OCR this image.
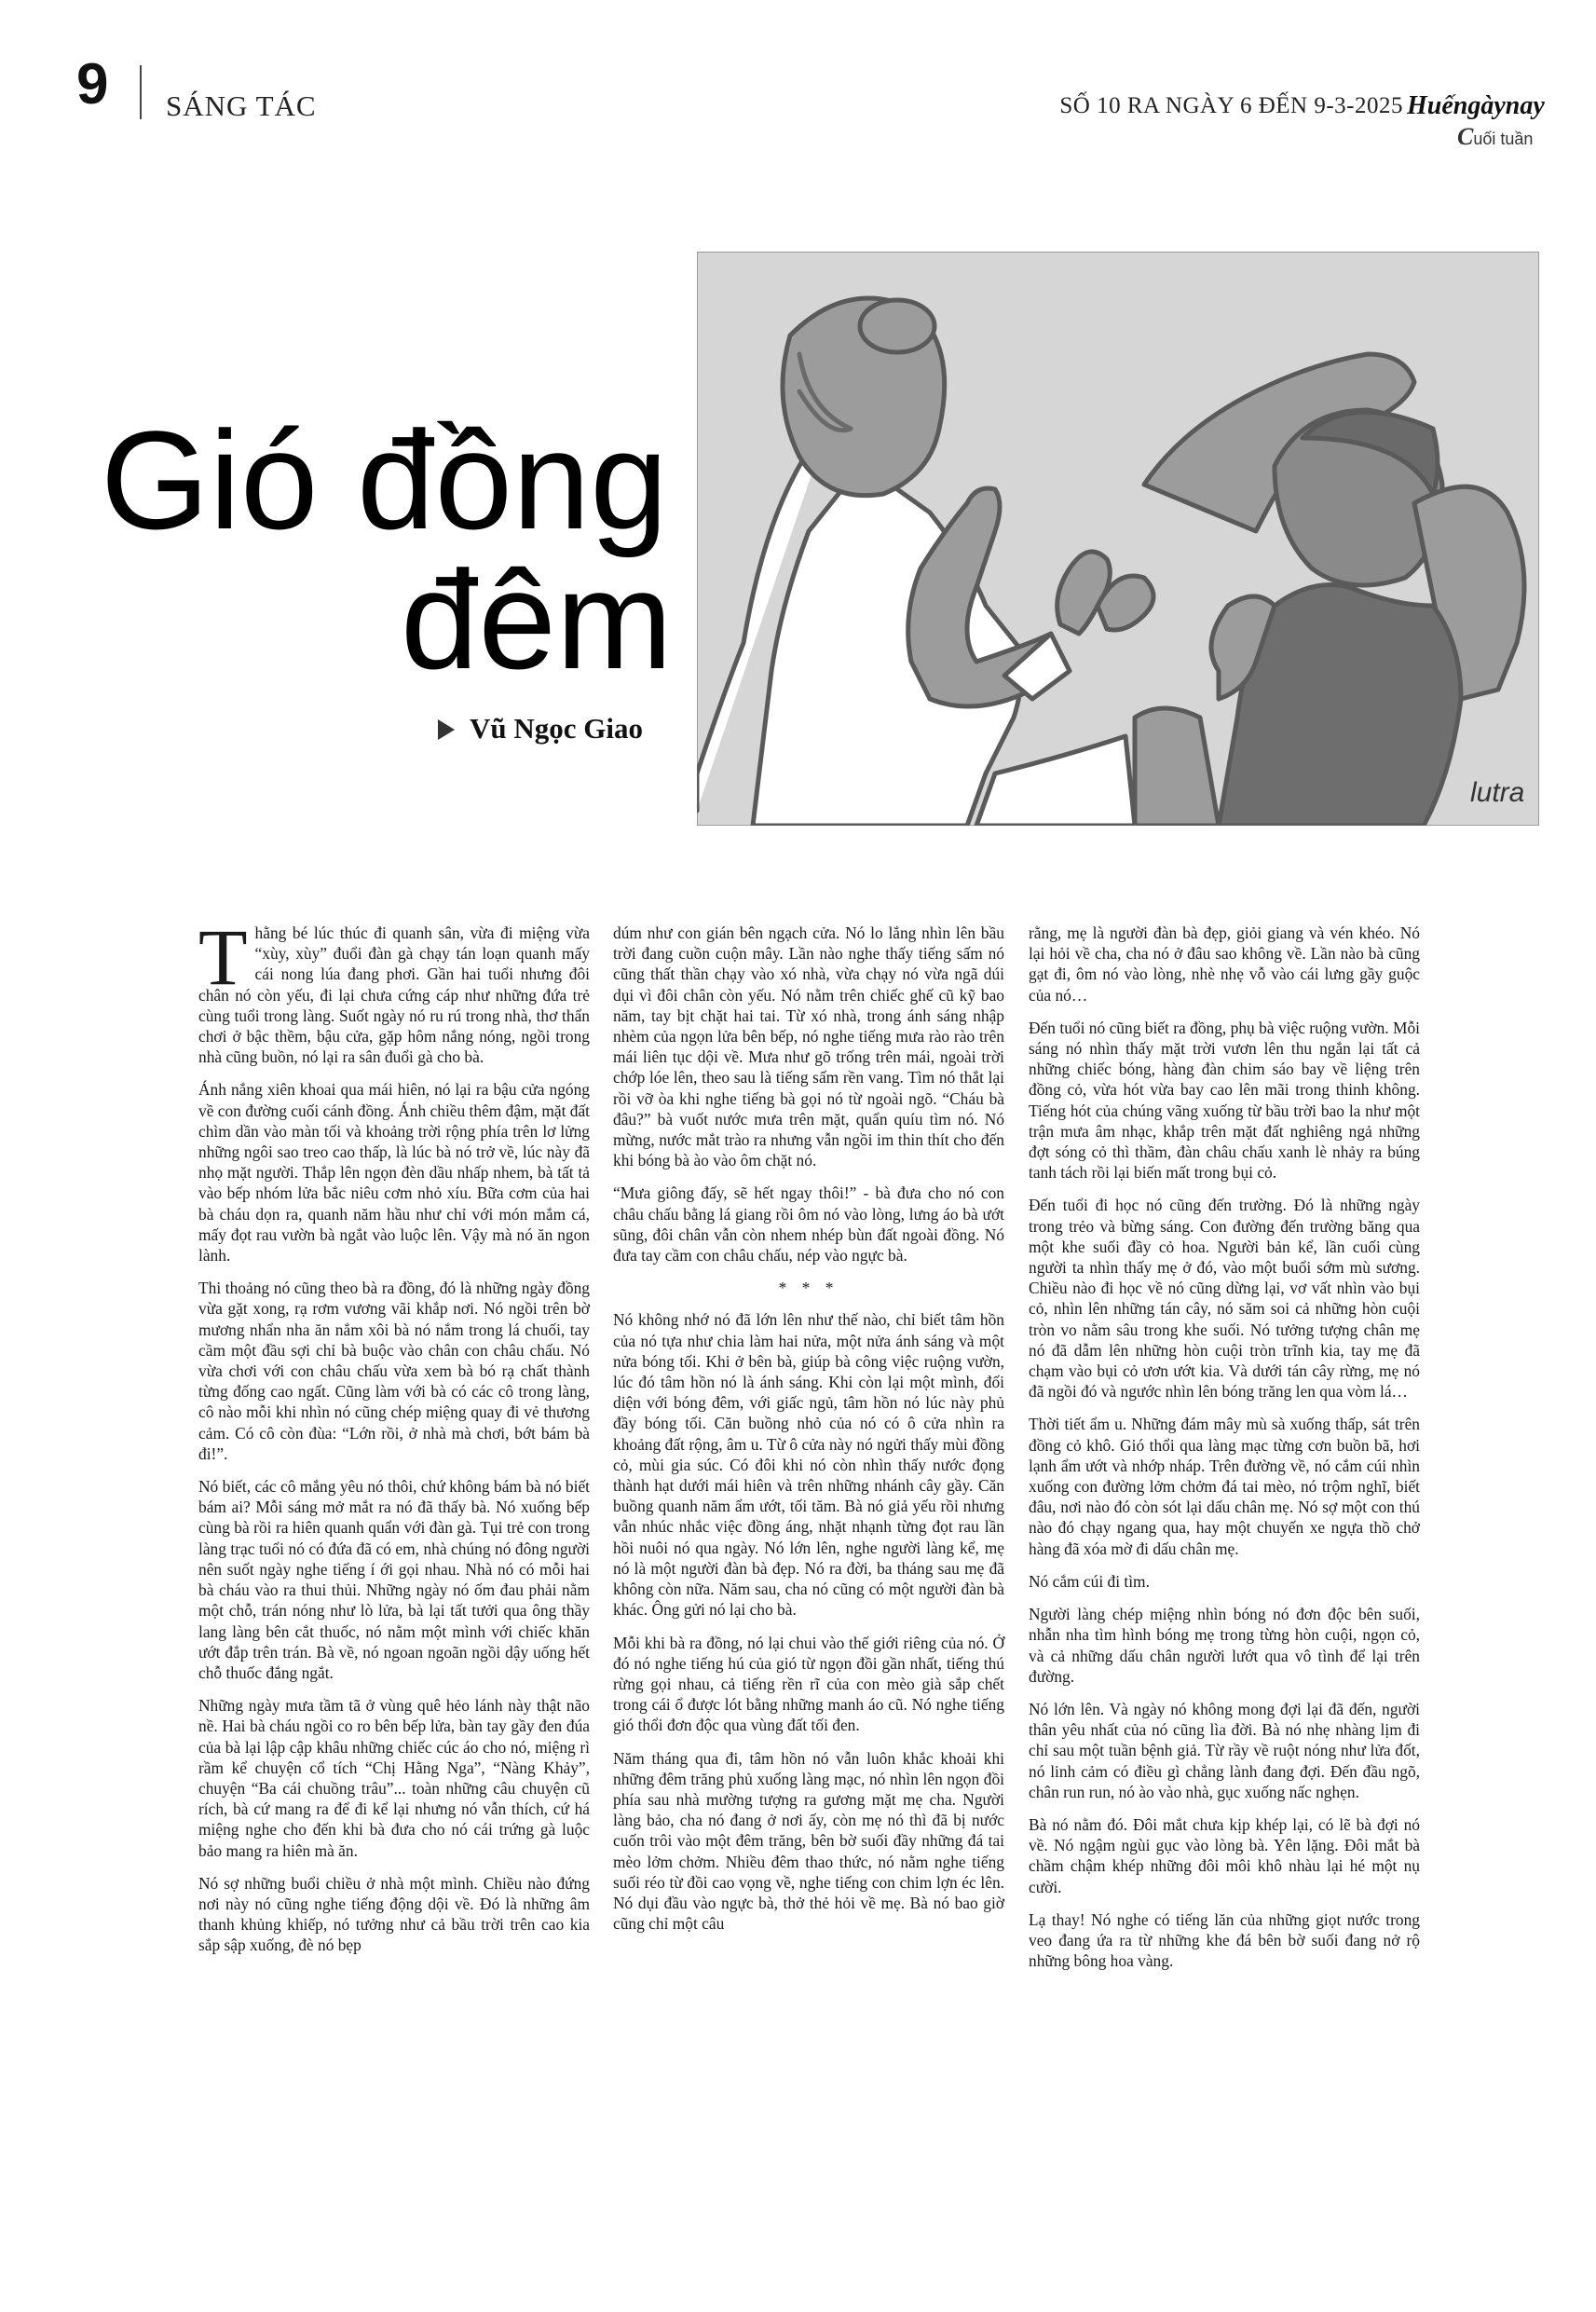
9 SÁNG TÁC	SỐ 10 RA NGÀY 6 ĐẾN 9-3-2025 Huếngàynay
Cuối tuần
Gió đồng
đêm
Vũ Ngọc Giao
lutra

Thằng bé lúc thúc đi quanh sân, vừa đi miệng vừa “xùy, xùy” đuổi đàn gà chạy tán loạn quanh mấy cái nong lúa đang phơi. Gần hai tuổi nhưng đôi chân nó còn yếu, đi lại chưa cứng cáp như những đứa trẻ cùng tuổi trong làng. Suốt ngày nó ru rú trong nhà, thơ thẩn chơi ở bậc thềm, bậu cửa, gặp hôm nắng nóng, ngồi trong nhà cũng buồn, nó lại ra sân đuổi gà cho bà.

Ánh nắng xiên khoai qua mái hiên, nó lại ra bậu cửa ngóng về con đường cuối cánh đồng. Ánh chiều thêm đậm, mặt đất chìm dần vào màn tối và khoảng trời rộng phía trên lơ lửng những ngôi sao treo cao thấp, là lúc bà nó trở về, lúc này đã nhọ mặt người. Thắp lên ngọn đèn dầu nhấp nhem, bà tất tả vào bếp nhóm lửa bắc niêu cơm nhỏ xíu. Bữa cơm của hai bà cháu dọn ra, quanh năm hầu như chỉ với món mắm cá, mấy đọt rau vườn bà ngắt vào luộc lên. Vậy mà nó ăn ngon lành.

Thi thoảng nó cũng theo bà ra đồng, đó là những ngày đồng vừa gặt xong, rạ rơm vương vãi khắp nơi. Nó ngồi trên bờ mương nhẩn nha ăn nắm xôi bà nó nắm trong lá chuối, tay cầm một đầu sợi chỉ bà buộc vào chân con châu chấu. Nó vừa chơi với con châu chấu vừa xem bà bó rạ chất thành từng đống cao ngất. Cũng làm với bà có các cô trong làng, cô nào mỗi khi nhìn nó cũng chép miệng quay đi vẻ thương cảm. Có cô còn đùa: “Lớn rồi, ở nhà mà chơi, bớt bám bà đi!”.

Nó biết, các cô mắng yêu nó thôi, chứ không bám bà nó biết bám ai? Mỗi sáng mở mắt ra nó đã thấy bà. Nó xuống bếp cùng bà rồi ra hiên quanh quẩn với đàn gà. Tụi trẻ con trong làng trạc tuổi nó có đứa đã có em, nhà chúng nó đông người nên suốt ngày nghe tiếng í ới gọi nhau. Nhà nó có mỗi hai bà cháu vào ra thui thủi. Những ngày nó ốm đau phải nằm một chỗ, trán nóng như lò lửa, bà lại tất tưởi qua ông thầy lang làng bên cắt thuốc, nó nằm một mình với chiếc khăn ướt đắp trên trán. Bà về, nó ngoan ngoãn ngồi dậy uống hết chỗ thuốc đắng ngắt.

Những ngày mưa tầm tã ở vùng quê hẻo lánh này thật não nề. Hai bà cháu ngồi co ro bên bếp lửa, bàn tay gầy đen đúa của bà lại lập cập khâu những chiếc cúc áo cho nó, miệng rì rầm kể chuyện cổ tích “Chị Hằng Nga”, “Nàng Khảy”, chuyện “Ba cái chuồng trâu”... toàn những câu chuyện cũ rích, bà cứ mang ra để đi kể lại nhưng nó vẫn thích, cứ há miệng nghe cho đến khi bà đưa cho nó cái trứng gà luộc bảo mang ra hiên mà ăn.

Nó sợ những buổi chiều ở nhà một mình. Chiều nào đứng nơi này nó cũng nghe tiếng động dội về. Đó là những âm thanh khủng khiếp, nó tưởng như cả bầu trời trên cao kia sắp sập xuống, đè nó bẹp

dúm như con gián bên ngạch cửa. Nó lo lắng nhìn lên bầu trời đang cuồn cuộn mây. Lần nào nghe thấy tiếng sấm nó cũng thất thần chạy vào xó nhà, vừa chạy nó vừa ngã dúi dụi vì đôi chân còn yếu. Nó nằm trên chiếc ghế cũ kỹ bao năm, tay bịt chặt hai tai. Từ xó nhà, trong ánh sáng nhập nhèm của ngọn lửa bên bếp, nó nghe tiếng mưa rào rào trên mái liên tục dội về. Mưa như gõ trống trên mái, ngoài trời chớp lóe lên, theo sau là tiếng sấm rền vang. Tìm nó thắt lại rồi vỡ òa khi nghe tiếng bà gọi nó từ ngoài ngõ. “Cháu bà đâu?” bà vuốt nước mưa trên mặt, quẩn quíu tìm nó. Nó mừng, nước mắt trào ra nhưng vẫn ngồi im thin thít cho đến khi bóng bà ào vào ôm chặt nó.

“Mưa giông đấy, sẽ hết ngay thôi!” - bà đưa cho nó con châu chấu bằng lá giang rồi ôm nó vào lòng, lưng áo bà ướt sũng, đôi chân vẫn còn nhem nhép bùn đất ngoài đồng. Nó đưa tay cầm con châu chấu, nép vào ngực bà.

* * *

Nó không nhớ nó đã lớn lên như thế nào, chỉ biết tâm hồn của nó tựa như chia làm hai nửa, một nửa ánh sáng và một nửa bóng tối. Khi ở bên bà, giúp bà công việc ruộng vườn, lúc đó tâm hồn nó là ánh sáng. Khi còn lại một mình, đối diện với bóng đêm, với giấc ngủ, tâm hồn nó lúc này phủ đầy bóng tối. Căn buồng nhỏ của nó có ô cửa nhìn ra khoảng đất rộng, âm u. Từ ô cửa này nó ngửi thấy mùi đồng cỏ, mùi gia súc. Có đôi khi nó còn nhìn thấy nước đọng thành hạt dưới mái hiên và trên những nhánh cây gầy. Căn buồng quanh năm ẩm ướt, tối tăm. Bà nó giả yếu rồi nhưng vẫn nhúc nhắc việc đồng áng, nhặt nhạnh từng đọt rau lần hồi nuôi nó qua ngày. Nó lớn lên, nghe người làng kể, mẹ nó là một người đàn bà đẹp. Nó ra đời, ba tháng sau mẹ đã không còn nữa. Năm sau, cha nó cũng có một người đàn bà khác. Ông gửi nó lại cho bà.

Mỗi khi bà ra đồng, nó lại chui vào thế giới riêng của nó. Ở đó nó nghe tiếng hú của gió từ ngọn đồi gần nhất, tiếng thú rừng gọi nhau, cả tiếng rền rĩ của con mèo già sắp chết trong cái ổ được lót bằng những manh áo cũ. Nó nghe tiếng gió thổi đơn độc qua vùng đất tối đen.

Năm tháng qua đi, tâm hồn nó vẫn luôn khắc khoải khi những đêm trăng phủ xuống làng mạc, nó nhìn lên ngọn đồi phía sau nhà mường tượng ra gương mặt mẹ cha. Người làng bảo, cha nó đang ở nơi ấy, còn mẹ nó thì đã bị nước cuốn trôi vào một đêm trăng, bên bờ suối đầy những đá tai mèo lởm chởm. Nhiều đêm thao thức, nó nằm nghe tiếng suối réo từ đồi cao vọng về, nghe tiếng con chim lợn éc lên. Nó dụi đầu vào ngực bà, thở thẻ hỏi về mẹ. Bà nó bao giờ cũng chỉ một câu

rằng, mẹ là người đàn bà đẹp, giỏi giang và vén khéo. Nó lại hỏi về cha, cha nó ở đâu sao không về. Lần nào bà cũng gạt đi, ôm nó vào lòng, nhè nhẹ vỗ vào cái lưng gầy guộc của nó…

Đến tuổi nó cũng biết ra đồng, phụ bà việc ruộng vườn. Mỗi sáng nó nhìn thấy mặt trời vươn lên thu ngắn lại tất cả những chiếc bóng, hàng đàn chim sáo bay về liệng trên đồng cỏ, vừa hót vừa bay cao lên mãi trong thinh không. Tiếng hót của chúng vãng xuống từ bầu trời bao la như một trận mưa âm nhạc, khắp trên mặt đất nghiêng ngả những đợt sóng cỏ thì thầm, đàn châu chấu xanh lè nhảy ra búng tanh tách rồi lại biến mất trong bụi cỏ.

Đến tuổi đi học nó cũng đến trường. Đó là những ngày trong trẻo và bừng sáng. Con đường đến trường băng qua một khe suối đầy cỏ hoa. Người bản kể, lần cuối cùng người ta nhìn thấy mẹ ở đó, vào một buổi sớm mù sương. Chiều nào đi học về nó cũng dừng lại, vơ vất nhìn vào bụi cỏ, nhìn lên những tán cây, nó săm soi cả những hòn cuội tròn vo nằm sâu trong khe suối. Nó tưởng tượng chân mẹ nó đã dẫm lên những hòn cuội tròn trĩnh kia, tay mẹ đã chạm vào bụi cỏ ươn ướt kia. Và dưới tán cây rừng, mẹ nó đã ngồi đó và ngước nhìn lên bóng trăng len qua vòm lá…

Thời tiết ẩm u. Những đám mây mù sà xuống thấp, sát trên đồng cỏ khô. Gió thổi qua làng mạc từng cơn buồn bã, hơi lạnh ẩm ướt và nhớp nháp. Trên đường về, nó cắm cúi nhìn xuống con đường lởm chởm đá tai mèo, nó trộm nghĩ, biết đâu, nơi nào đó còn sót lại dấu chân mẹ. Nó sợ một con thú nào đó chạy ngang qua, hay một chuyến xe ngựa thồ chở hàng đã xóa mờ đi dấu chân mẹ.

Nó cắm cúi đi tìm.

Người làng chép miệng nhìn bóng nó đơn độc bên suối, nhẫn nha tìm hình bóng mẹ trong từng hòn cuội, ngọn cỏ, và cả những dấu chân người lướt qua vô tình để lại trên đường.

Nó lớn lên. Và ngày nó không mong đợi lại đã đến, người thân yêu nhất của nó cũng lìa đời. Bà nó nhẹ nhàng lịm đi chỉ sau một tuần bệnh giả. Từ rầy về ruột nóng như lửa đốt, nó linh cảm có điều gì chẳng lành đang đợi. Đến đầu ngõ, chân run run, nó ào vào nhà, gục xuống nấc nghẹn.

Bà nó nằm đó. Đôi mắt chưa kịp khép lại, có lẽ bà đợi nó về. Nó ngậm ngùi gục vào lòng bà. Yên lặng. Đôi mắt bà chầm chậm khép những đôi môi khô nhàu lại hé một nụ cười.

Lạ thay! Nó nghe có tiếng lăn của những giọt nước trong veo đang ứa ra từ những khe đá bên bờ suối đang nở rộ những bông hoa vàng.
